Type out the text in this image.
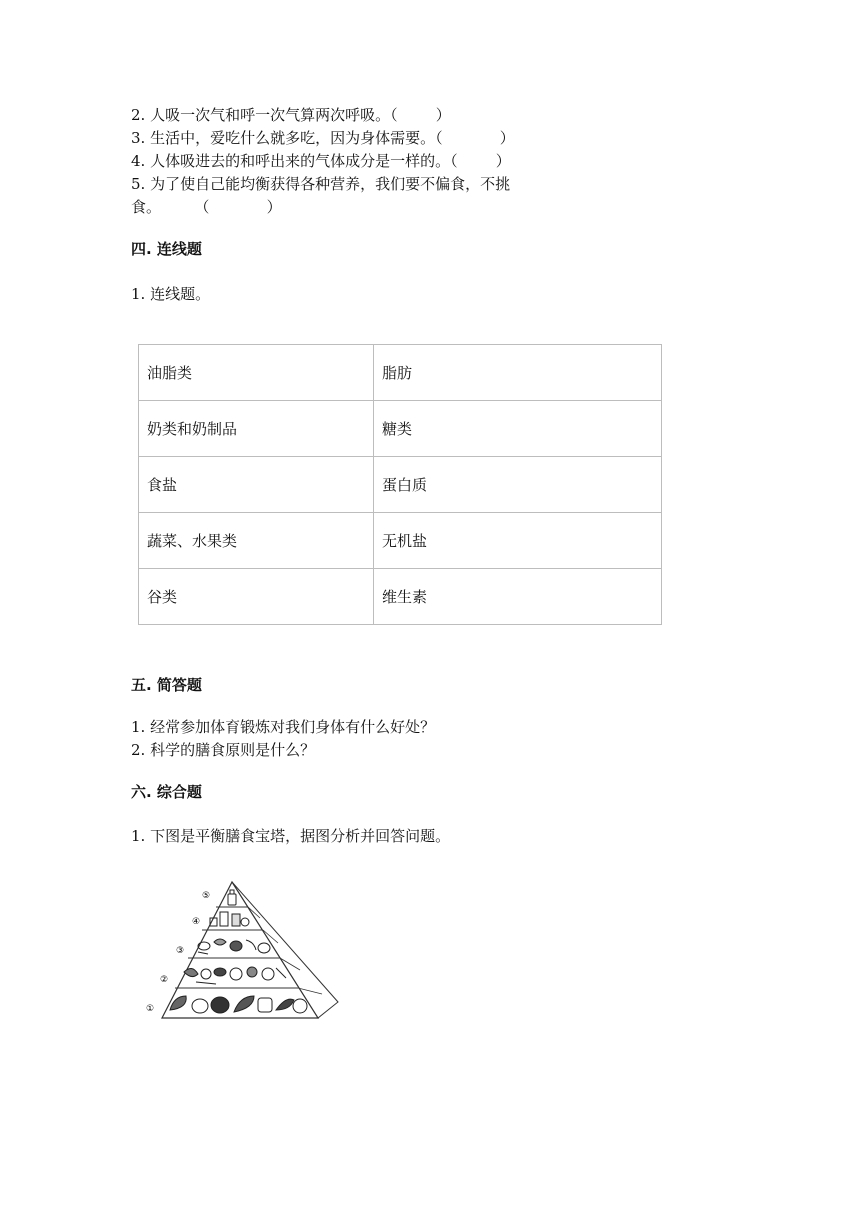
2. 人吸一次气和呼一次气算两次呼吸。（        ）
3. 生活中，爱吃什么就多吃，因为身体需要。（            ）
4. 人体吸进去的和呼出来的气体成分是一样的。（        ）
5. 为了使自己能均衡获得各种营养，我们要不偏食，不挑
食。       （            ）
四. 连线题
1. 连线题。
油脂类	脂肪
奶类和奶制品	糖类
食盐	蛋白质
蔬菜、水果类	无机盐
谷类	维生素
五. 简答题
1. 经常参加体育锻炼对我们身体有什么好处？
2. 科学的膳食原则是什么？
六. 综合题
1. 下图是平衡膳食宝塔，据图分析并回答问题。
⑤
④
③
②
①
